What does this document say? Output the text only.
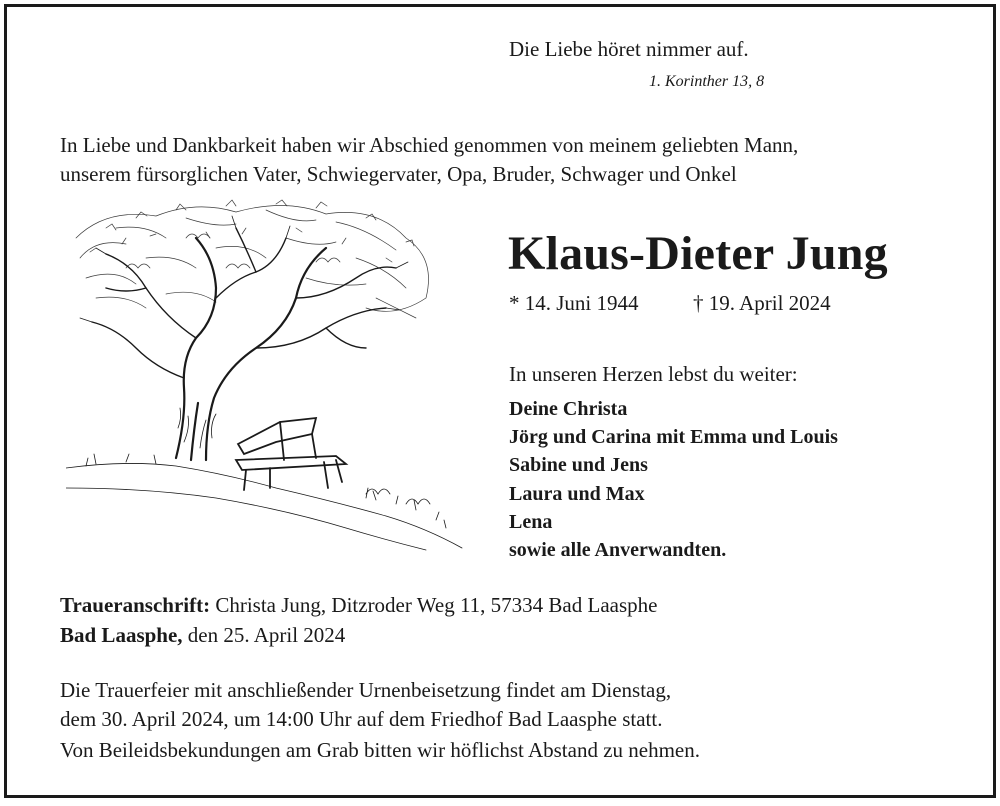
Die Liebe höret nimmer auf.
1. Korinther 13, 8
In Liebe und Dankbarkeit haben wir Abschied genommen von meinem geliebten Mann,
unserem fürsorglichen Vater, Schwiegervater, Opa, Bruder, Schwager und Onkel
Klaus-Dieter Jung
* 14. Juni 1944	† 19. April 2024
In unseren Herzen lebst du weiter:
Deine Christa
Jörg und Carina mit Emma und Louis
Sabine und Jens
Laura und Max
Lena
sowie alle Anverwandten.
Traueranschrift: Christa Jung, Ditzroder Weg 11, 57334 Bad Laasphe
Bad Laasphe, den 25. April 2024
Die Trauerfeier mit anschließender Urnenbeisetzung findet am Dienstag,
dem 30. April 2024, um 14:00 Uhr auf dem Friedhof Bad Laasphe statt.
Von Beileidsbekundungen am Grab bitten wir höflichst Abstand zu nehmen.
